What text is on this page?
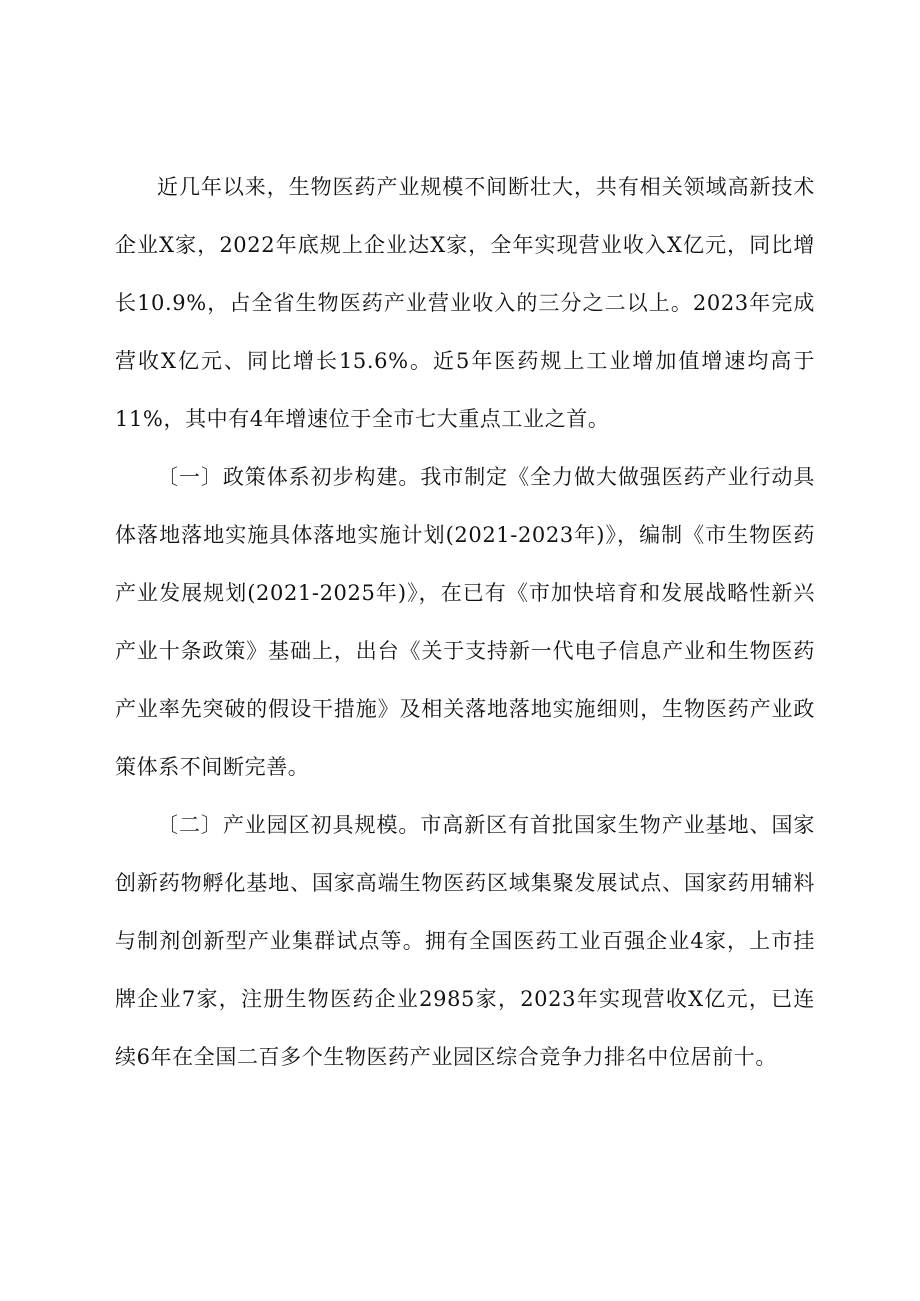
近几年以来，生物医药产业规模不间断壮大，共有相关领域高新技术企业X家，2022年底规上企业达X家，全年实现营业收入X亿元，同比增长10.9%，占全省生物医药产业营业收入的三分之二以上。2023年完成营收X亿元、同比增长15.6%。近5年医药规上工业增加值增速均高于11%，其中有4年增速位于全市七大重点工业之首。

〔一〕政策体系初步构建。我市制定《全力做大做强医药产业行动具体落地落地实施具体落地实施计划(2021-2023年)》，编制《市生物医药产业发展规划(2021-2025年)》，在已有《市加快培育和发展战略性新兴产业十条政策》基础上，出台《关于支持新一代电子信息产业和生物医药产业率先突破的假设干措施》及相关落地落地实施细则，生物医药产业政策体系不间断完善。

〔二〕产业园区初具规模。市高新区有首批国家生物产业基地、国家创新药物孵化基地、国家高端生物医药区域集聚发展试点、国家药用辅料与制剂创新型产业集群试点等。拥有全国医药工业百强企业4家，上市挂牌企业7家，注册生物医药企业2985家，2023年实现营收X亿元，已连续6年在全国二百多个生物医药产业园区综合竞争力排名中位居前十。
